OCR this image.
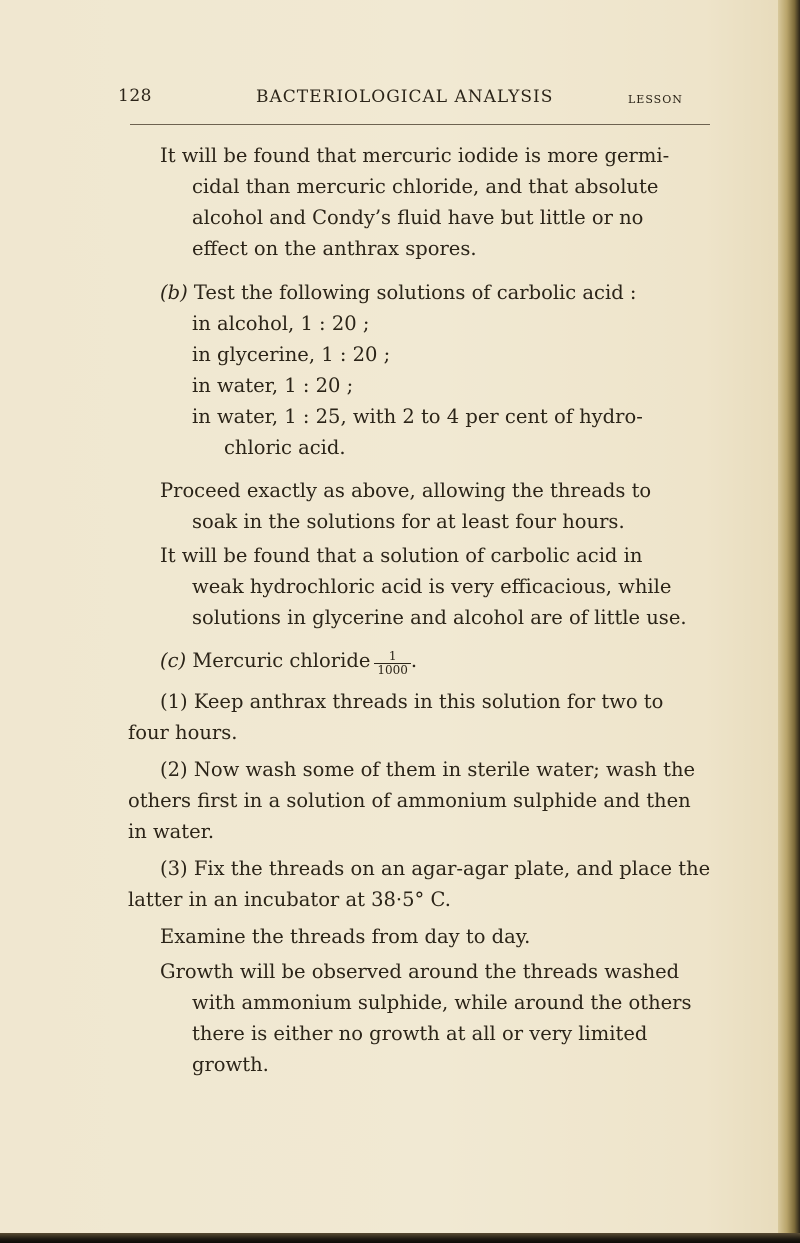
128	BACTERIOLOGICAL ANALYSIS	LESSON
It will be found that mercuric iodide is more germi-
cidal than mercuric chloride, and that absolute
alcohol and Condy’s fluid have but little or no
effect on the anthrax spores.
(b) Test the following solutions of carbolic acid :
in alcohol, 1 : 20 ;
in glycerine, 1 : 20 ;
in water, 1 : 20 ;
in water, 1 : 25, with 2 to 4 per cent of hydro-
chloric acid.
Proceed exactly as above, allowing the threads to
soak in the solutions for at least four hours.
It will be found that a solution of carbolic acid in
weak hydrochloric acid is very efficacious, while
solutions in glycerine and alcohol are of little use.
(c) Mercuric chloride $\frac{1}{1000}$ .
(1) Keep anthrax threads in this solution for two to
four hours.
(2) Now wash some of them in sterile water; wash the
others first in a solution of ammonium sulphide and then
in water.
(3) Fix the threads on an agar-agar plate, and place the
latter in an incubator at 38·5° C.
Examine the threads from day to day.
Growth will be observed around the threads washed
with ammonium sulphide, while around the others
there is either no growth at all or very limited
growth.
